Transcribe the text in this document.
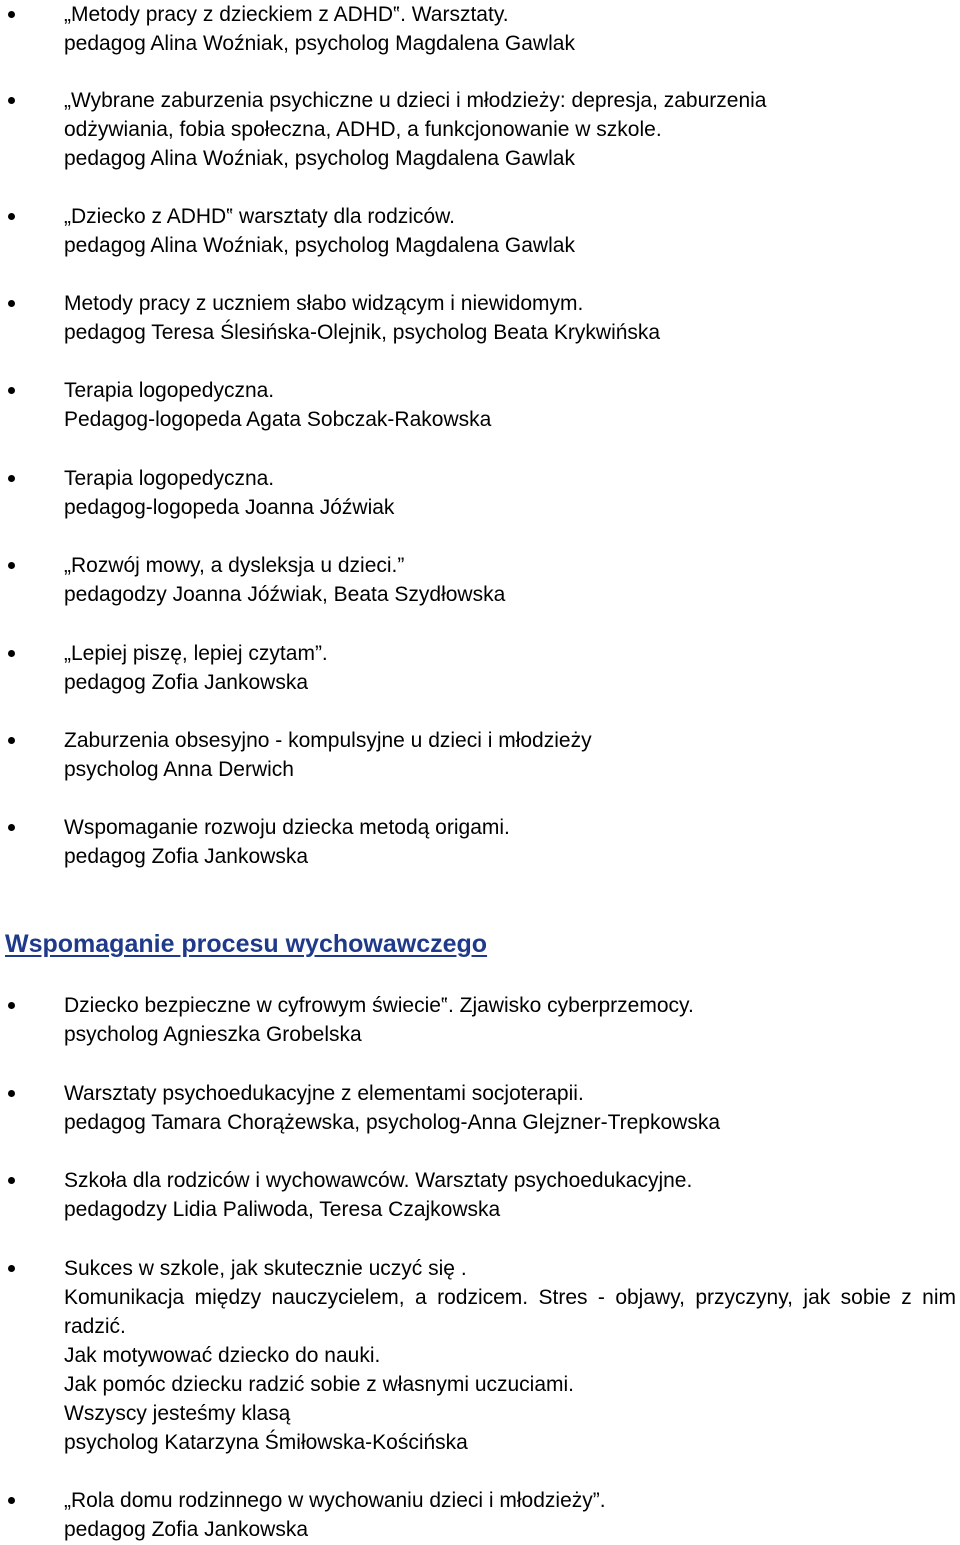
„Metody pracy z dzieckiem z ADHD‟. Warsztaty.
pedagog Alina Woźniak, psycholog Magdalena Gawlak
„Wybrane zaburzenia psychiczne u dzieci i młodzieży: depresja, zaburzenia
odżywiania, fobia społeczna, ADHD, a funkcjonowanie w szkole.
pedagog Alina Woźniak, psycholog Magdalena Gawlak
„Dziecko z ADHD‟ warsztaty dla rodziców.
pedagog Alina Woźniak, psycholog Magdalena Gawlak
Metody pracy z uczniem słabo widzącym i niewidomym.
pedagog Teresa Ślesińska-Olejnik, psycholog Beata Krykwińska
Terapia logopedyczna.
Pedagog-logopeda Agata Sobczak-Rakowska
Terapia logopedyczna.
pedagog-logopeda Joanna Jóźwiak
„Rozwój mowy, a dysleksja u dzieci.”
pedagodzy Joanna Jóźwiak, Beata Szydłowska
„Lepiej piszę, lepiej czytam”.
pedagog Zofia Jankowska
Zaburzenia obsesyjno - kompulsyjne u dzieci i młodzieży
psycholog Anna Derwich
Wspomaganie rozwoju dziecka metodą origami.
pedagog Zofia Jankowska
Wspomaganie procesu wychowawczego
Dziecko bezpieczne w cyfrowym świecie‟. Zjawisko cyberprzemocy.
psycholog Agnieszka Grobelska
Warsztaty psychoedukacyjne z elementami socjoterapii.
pedagog Tamara Chorążewska, psycholog-Anna Glejzner-Trepkowska
Szkoła dla rodziców i wychowawców. Warsztaty psychoedukacyjne.
pedagodzy Lidia Paliwoda, Teresa Czajkowska
Sukces w szkole, jak skutecznie uczyć się .
Komunikacja między nauczycielem, a rodzicem. Stres - objawy, przyczyny, jak sobie z nim radzić.
Jak motywować dziecko do nauki.
Jak pomóc dziecku radzić sobie z własnymi uczuciami.
Wszyscy jesteśmy klasą
psycholog Katarzyna Śmiłowska-Kościńska
„Rola domu rodzinnego w wychowaniu dzieci i młodzieży”.
pedagog Zofia Jankowska
